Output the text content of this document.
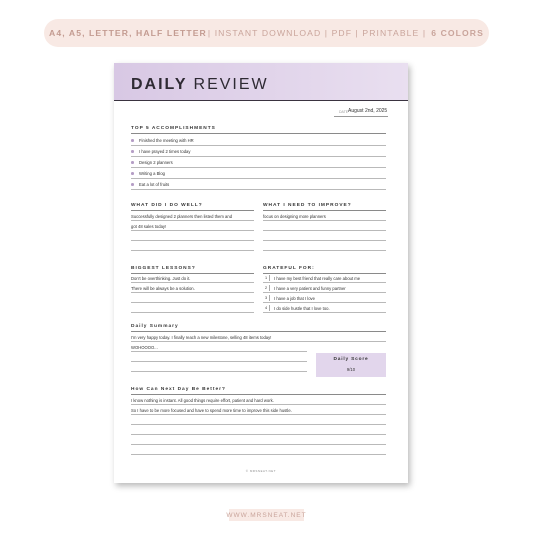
A4, A5, LETTER, HALF LETTER | INSTANT DOWNLOAD | PDF | PRINTABLE | 6 COLORS
DAILY REVIEW
DATE August 2nd, 2025
TOP 5 ACCOMPLISHMENTS
Finished the meeting with HR
I have prayed 2 times today
Design 2 planners
Writing a Blog
Eat a lot of fruits
WHAT DID I DO WELL?
Successfully designed 2 planners then listed them and
got 48 sales today!
WHAT I NEED TO IMPROVE?
focus on designing more planners
BIGGEST LESSONS?
Don't be overthinking. Just do it.
There will be always be a solution.
GRATEFUL FOR:
1	I have my best friend that really care about me
2	I have a very patient and funny partner
3	I have a job that I love
4	I do side hustle that I love too.
Daily Summary
I'm very happy today. I finally reach a new milestone, selling 48 items today!
WOHOOOO...
Daily Score
9/10
How Can Next Day Be Better?
I know nothing is instant. All good things require effort, patient and hard work.
So I have to be more focused and have to spend more time to improve this side hustle.
© MRSNEAT.NET
WWW.MRSNEAT.NET
